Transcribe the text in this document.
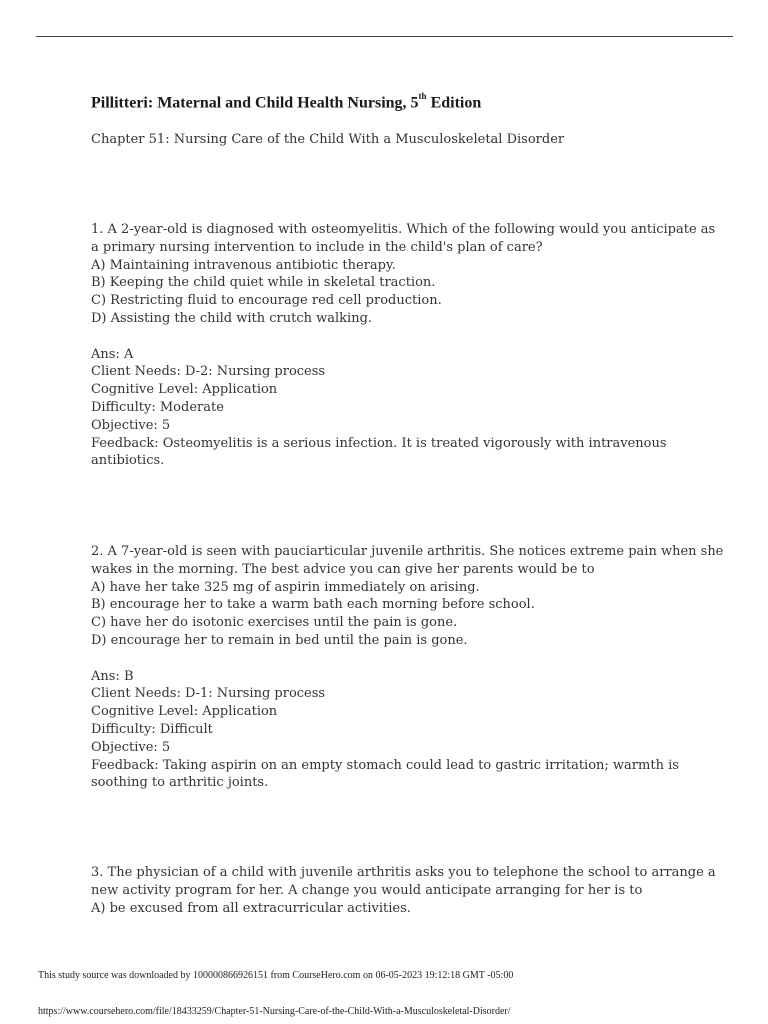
Pillitteri: Maternal and Child Health Nursing, 5th Edition
Chapter 51: Nursing Care of the Child With a Musculoskeletal Disorder
1. A 2-year-old is diagnosed with osteomyelitis. Which of the following would you anticipate as
a primary nursing intervention to include in the child's plan of care?
A) Maintaining intravenous antibiotic therapy.
B) Keeping the child quiet while in skeletal traction.
C) Restricting fluid to encourage red cell production.
D) Assisting the child with crutch walking.
Ans: A
Client Needs: D-2: Nursing process
Cognitive Level: Application
Difficulty: Moderate
Objective: 5
Feedback: Osteomyelitis is a serious infection. It is treated vigorously with intravenous
antibiotics.
2. A 7-year-old is seen with pauciarticular juvenile arthritis. She notices extreme pain when she
wakes in the morning. The best advice you can give her parents would be to
A) have her take 325 mg of aspirin immediately on arising.
B) encourage her to take a warm bath each morning before school.
C) have her do isotonic exercises until the pain is gone.
D) encourage her to remain in bed until the pain is gone.
Ans: B
Client Needs: D-1: Nursing process
Cognitive Level: Application
Difficulty: Difficult
Objective: 5
Feedback: Taking aspirin on an empty stomach could lead to gastric irritation; warmth is
soothing to arthritic joints.
3. The physician of a child with juvenile arthritis asks you to telephone the school to arrange a
new activity program for her. A change you would anticipate arranging for her is to
A) be excused from all extracurricular activities.
This study source was downloaded by 100000866926151 from CourseHero.com on 06-05-2023 19:12:18 GMT -05:00
https://www.coursehero.com/file/18433259/Chapter-51-Nursing-Care-of-the-Child-With-a-Musculoskeletal-Disorder/
